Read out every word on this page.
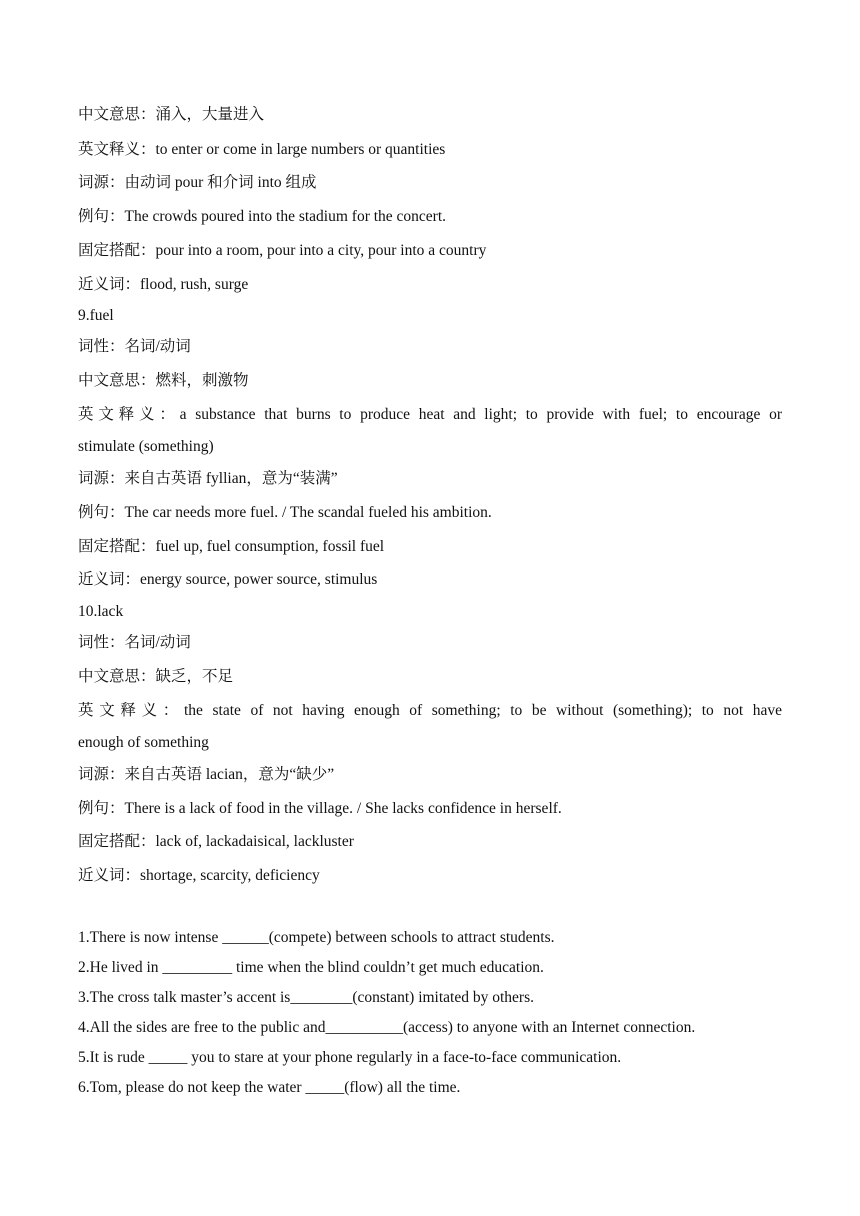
中文意思：涌入，大量进入
英文释义：to enter or come in large numbers or quantities
词源：由动词 pour 和介词 into 组成
例句：The crowds poured into the stadium for the concert.
固定搭配：pour into a room, pour into a city, pour into a country
近义词：flood, rush, surge
9.fuel
词性：名词/动词
中文意思：燃料，刺激物
英文释义：a substance that burns to produce heat and light; to provide with fuel; to encourage or
stimulate (something)
词源：来自古英语 fyllian，意为“装满”
例句：The car needs more fuel. / The scandal fueled his ambition.
固定搭配：fuel up, fuel consumption, fossil fuel
近义词：energy source, power source, stimulus
10.lack
词性：名词/动词
中文意思：缺乏，不足
英文释义：the state of not having enough of something; to be without (something); to not have
enough of something
词源：来自古英语 lacian，意为“缺少”
例句：There is a lack of food in the village. / She lacks confidence in herself.
固定搭配：lack of, lackadaisical, lackluster
近义词：shortage, scarcity, deficiency
1.There is now intense ______(compete) between schools to attract students.
2.He lived in _________ time when the blind couldn’t get much education.
3.The cross talk master’s accent is________(constant) imitated by others.
4.All the sides are free to the public and__________(access) to anyone with an Internet connection.
5.It is rude _____ you to stare at your phone regularly in a face-to-face communication.
6.Tom, please do not keep the water _____(flow) all the time.
